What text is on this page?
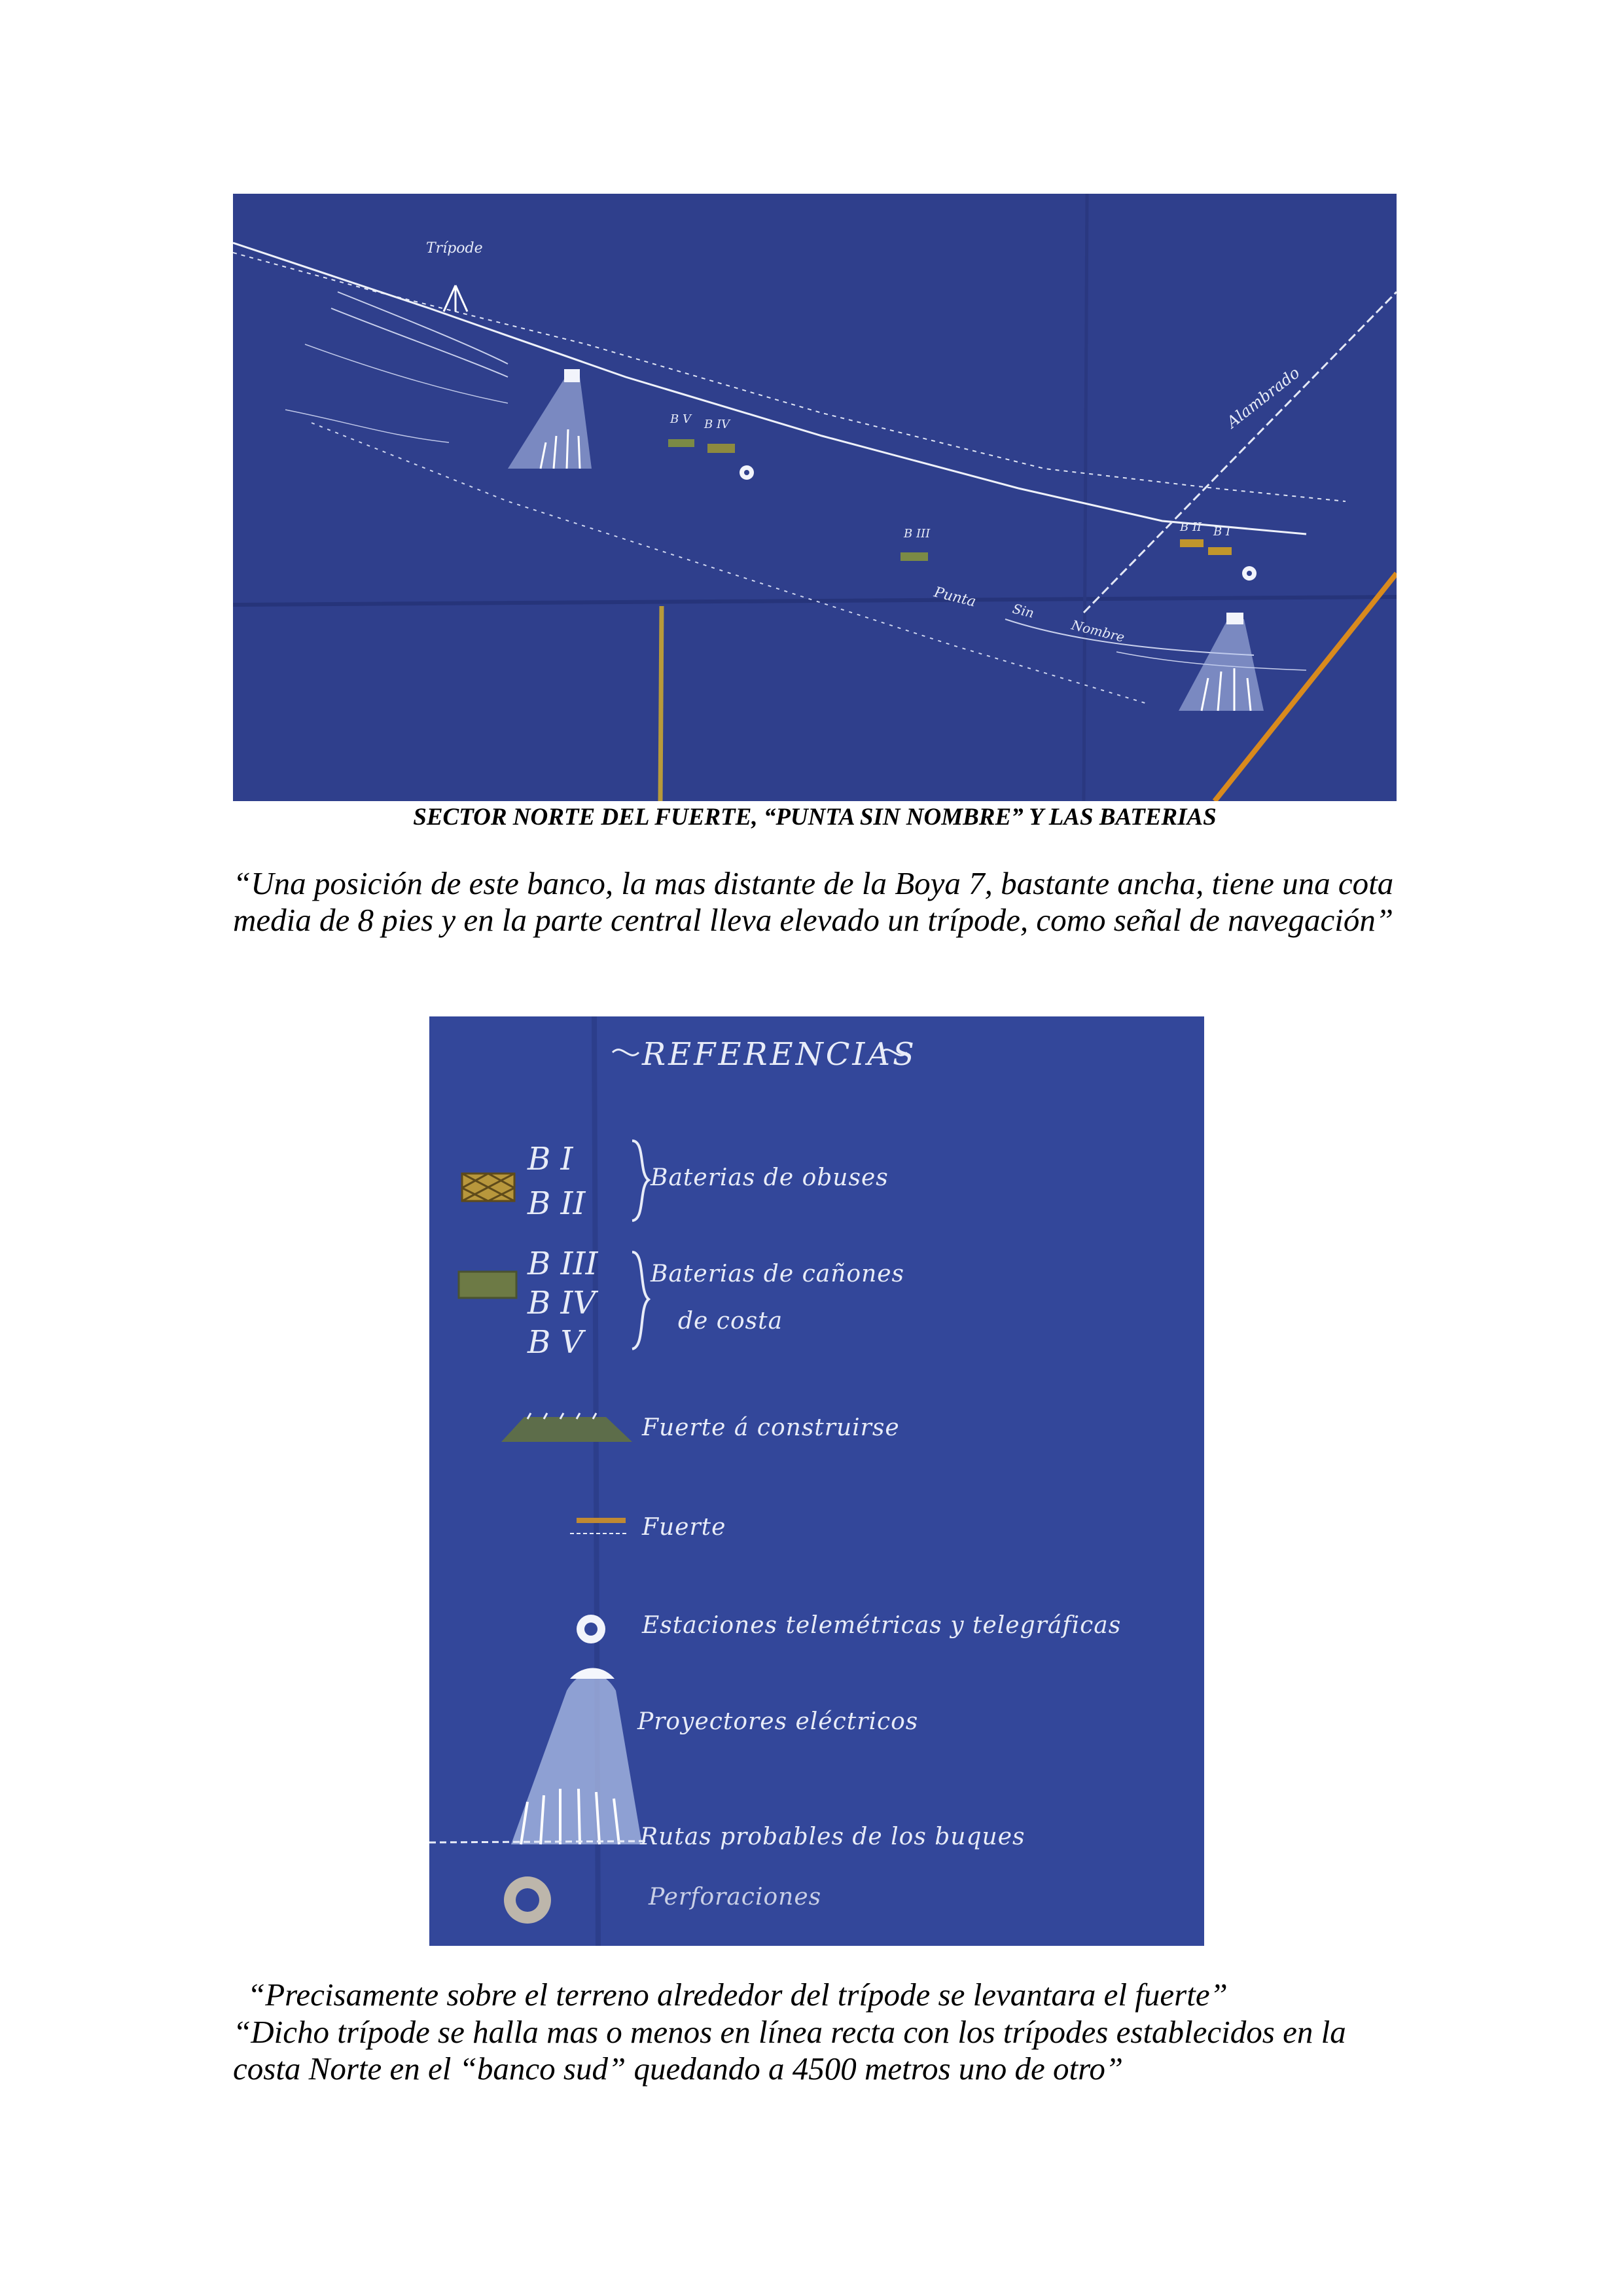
Trípode
B V B IV
B III	B II B I
Alambrado
Punta
Sin
Nombre
SECTOR NORTE DEL FUERTE, “PUNTA SIN NOMBRE” Y LAS BATERIAS
“Una posición de este banco, la mas distante de la Boya 7, bastante ancha, tiene una cota media de 8 pies y en la parte central lleva elevado un trípode, como señal de navegación”
REFERENCIAS
B I
B II
Baterias de obuses
B III
B IV
B V
Baterias de cañones
de costa
Fuerte á construirse
Fuerte
Estaciones telemétricas y telegráficas
Proyectores eléctricos
Rutas probables de los buques
Perforaciones
“Precisamente sobre el terreno alrededor del trípode se levantara el fuerte”
“Dicho trípode se halla mas o menos en línea recta con los trípodes establecidos en la costa Norte en el “banco sud” quedando a 4500 metros uno de otro”
